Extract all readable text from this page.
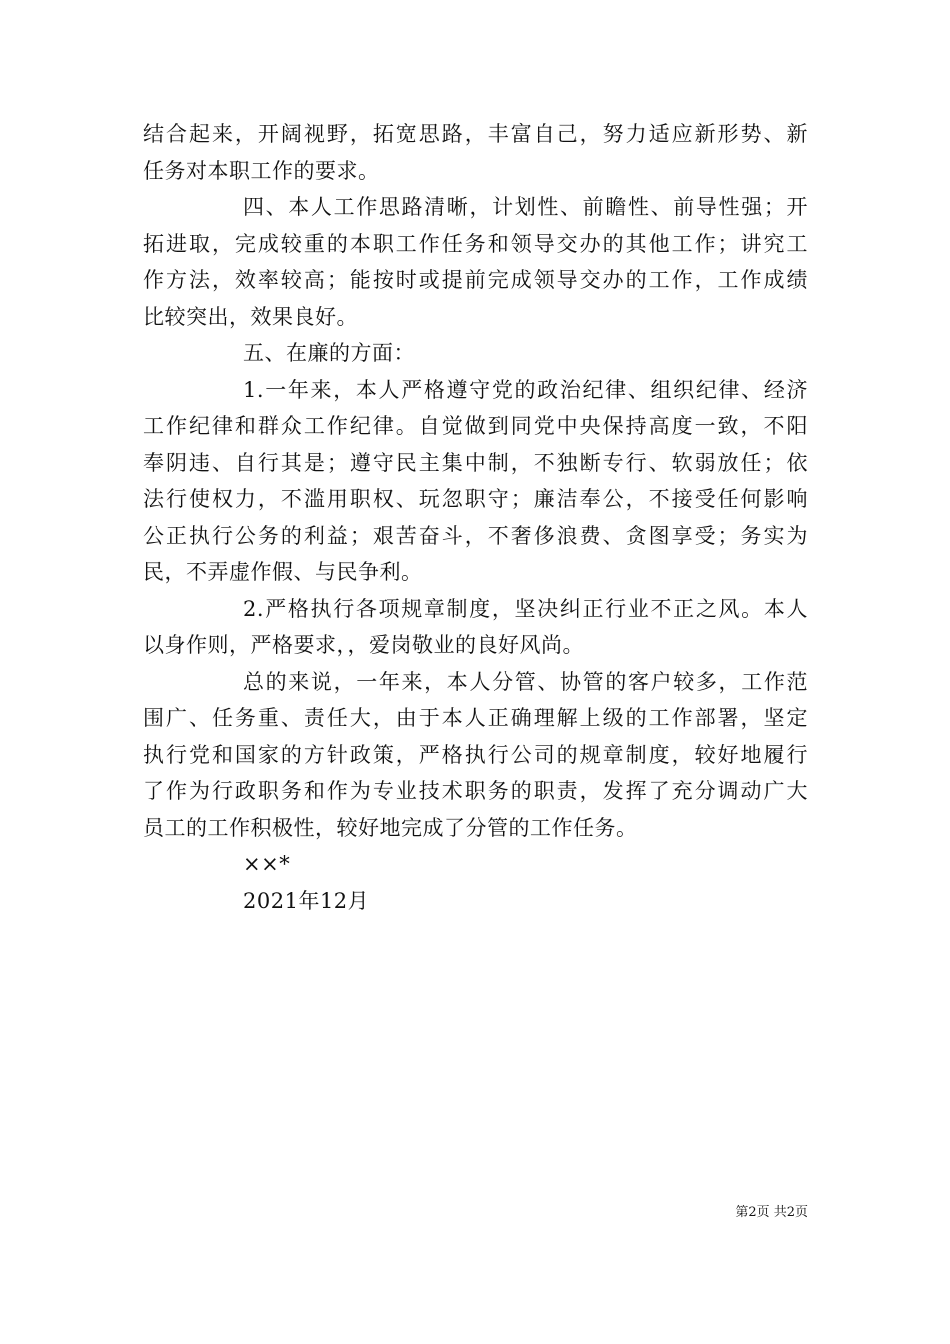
结合起来，开阔视野，拓宽思路，丰富自己，努力适应新形势、新
任务对本职工作的要求。
四、本人工作思路清晰，计划性、前瞻性、前导性强；开
拓进取，完成较重的本职工作任务和领导交办的其他工作；讲究工
作方法，效率较高；能按时或提前完成领导交办的工作，工作成绩
比较突出，效果良好。
五、在廉的方面：
1.一年来，本人严格遵守党的政治纪律、组织纪律、经济
工作纪律和群众工作纪律。自觉做到同党中央保持高度一致，不阳
奉阴违、自行其是；遵守民主集中制，不独断专行、软弱放任；依
法行使权力，不滥用职权、玩忽职守；廉洁奉公，不接受任何影响
公正执行公务的利益；艰苦奋斗，不奢侈浪费、贪图享受；务实为
民，不弄虚作假、与民争利。
2.严格执行各项规章制度，坚决纠正行业不正之风。本人
以身作则，严格要求，，爱岗敬业的良好风尚。
总的来说，一年来，本人分管、协管的客户较多，工作范
围广、任务重、责任大，由于本人正确理解上级的工作部署，坚定
执行党和国家的方针政策，严格执行公司的规章制度，较好地履行
了作为行政职务和作为专业技术职务的职责，发挥了充分调动广大
员工的工作积极性，较好地完成了分管的工作任务。
××*
2021年12月
第2页 共2页
